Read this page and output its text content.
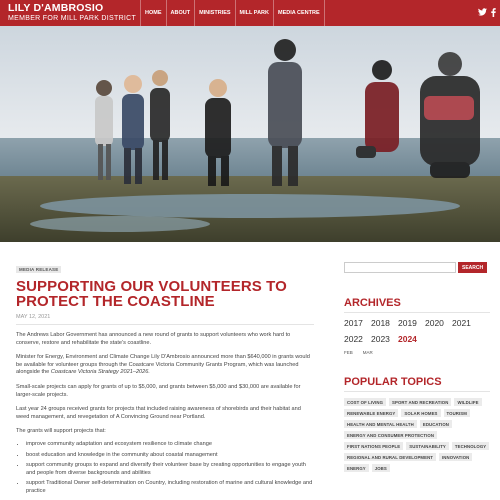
LILY D'AMBROSIO
MEMBER FOR MILL PARK DISTRICT
HOME	ABOUT	MINISTRIES	MILL PARK	MEDIA CENTRE
MEDIA RELEASE
SUPPORTING OUR VOLUNTEERS TO PROTECT THE COASTLINE
MAY 12, 2021

The Andrews Labor Government has announced a new round of grants to support volunteers who work hard to conserve, restore and rehabilitate the state's coastline.

Minister for Energy, Environment and Climate Change Lily D'Ambrosio announced more than $640,000 in grants would be available for volunteer groups through the Coastcare Victoria Community Grants Program, which was launched alongside the Coastcare Victoria Strategy 2021–2026.

Small-scale projects can apply for grants of up to $5,000, and grants between $5,000 and $30,000 are available for larger-scale projects.

Last year 24 groups received grants for projects that included raising awareness of shorebirds and their habitat and weed management, and revegetation of A Convincing Ground near Portland.

The grants will support projects that:

• improve community adaptation and ecosystem resilience to climate change
• boost education and knowledge in the community about coastal management
• support community groups to expand and diversify their volunteer base by creating opportunities to engage youth and people from diverse backgrounds and abilities
• support Traditional Owner self-determination on Country, including restoration of marine and cultural knowledge and practice
SEARCH
ARCHIVES
2017 2018 2019 2020 2021
2022 2023 2024
FEB MAR
POPULAR TOPICS
COST OF LIVING	SPORT AND RECREATION	WILDLIFE
RENEWABLE ENERGY	SOLAR HOMES	TOURISM
HEALTH AND MENTAL HEALTH	EDUCATION
ENERGY AND CONSUMER PROTECTION
FIRST NATIONS PEOPLE	SUSTAINABILITY	TECHNOLOGY
REGIONAL AND RURAL DEVELOPMENT	INNOVATION
ENERGY	JOBS
